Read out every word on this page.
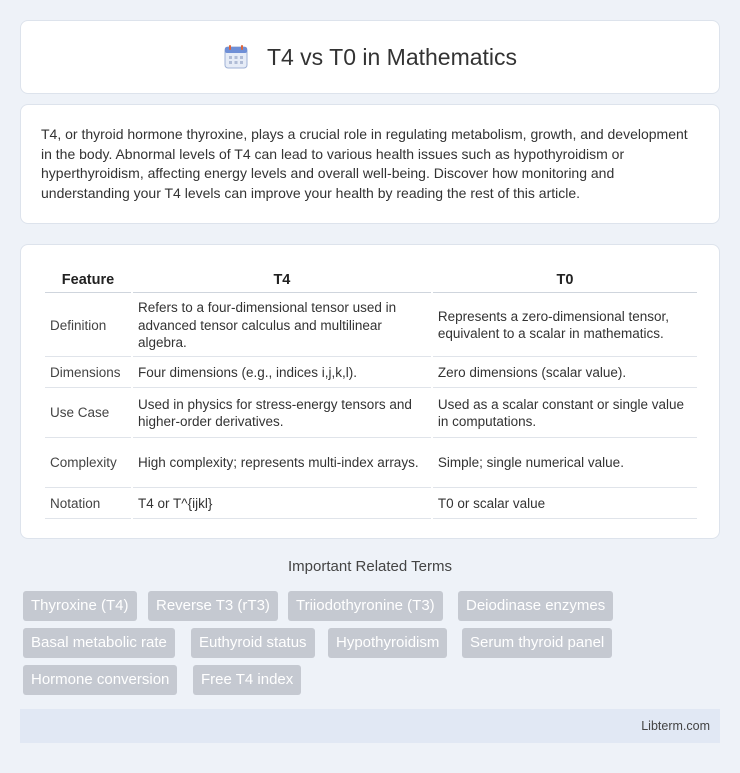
T4 vs T0 in Mathematics

T4, or thyroid hormone thyroxine, plays a crucial role in regulating metabolism, growth, and development in the body. Abnormal levels of T4 can lead to various health issues such as hypothyroidism or hyperthyroidism, affecting energy levels and overall well-being. Discover how monitoring and understanding your T4 levels can improve your health by reading the rest of this article.

Feature	T4	T0
Definition	Refers to a four-dimensional tensor used in advanced tensor calculus and multilinear algebra.	Represents a zero-dimensional tensor, equivalent to a scalar in mathematics.
Dimensions	Four dimensions (e.g., indices i,j,k,l).	Zero dimensions (scalar value).
Use Case	Used in physics for stress-energy tensors and higher-order derivatives.	Used as a scalar constant or single value in computations.
Complexity	High complexity; represents multi-index arrays.	Simple; single numerical value.
Notation	T4 or T^{ijkl}	T0 or scalar value
Important Related Terms
Thyroxine (T4)	Reverse T3 (rT3)	Triiodothyronine (T3)	Deiodinase enzymes
Basal metabolic rate	Euthyroid status	Hypothyroidism	Serum thyroid panel
Hormone conversion	Free T4 index
Libterm.com
